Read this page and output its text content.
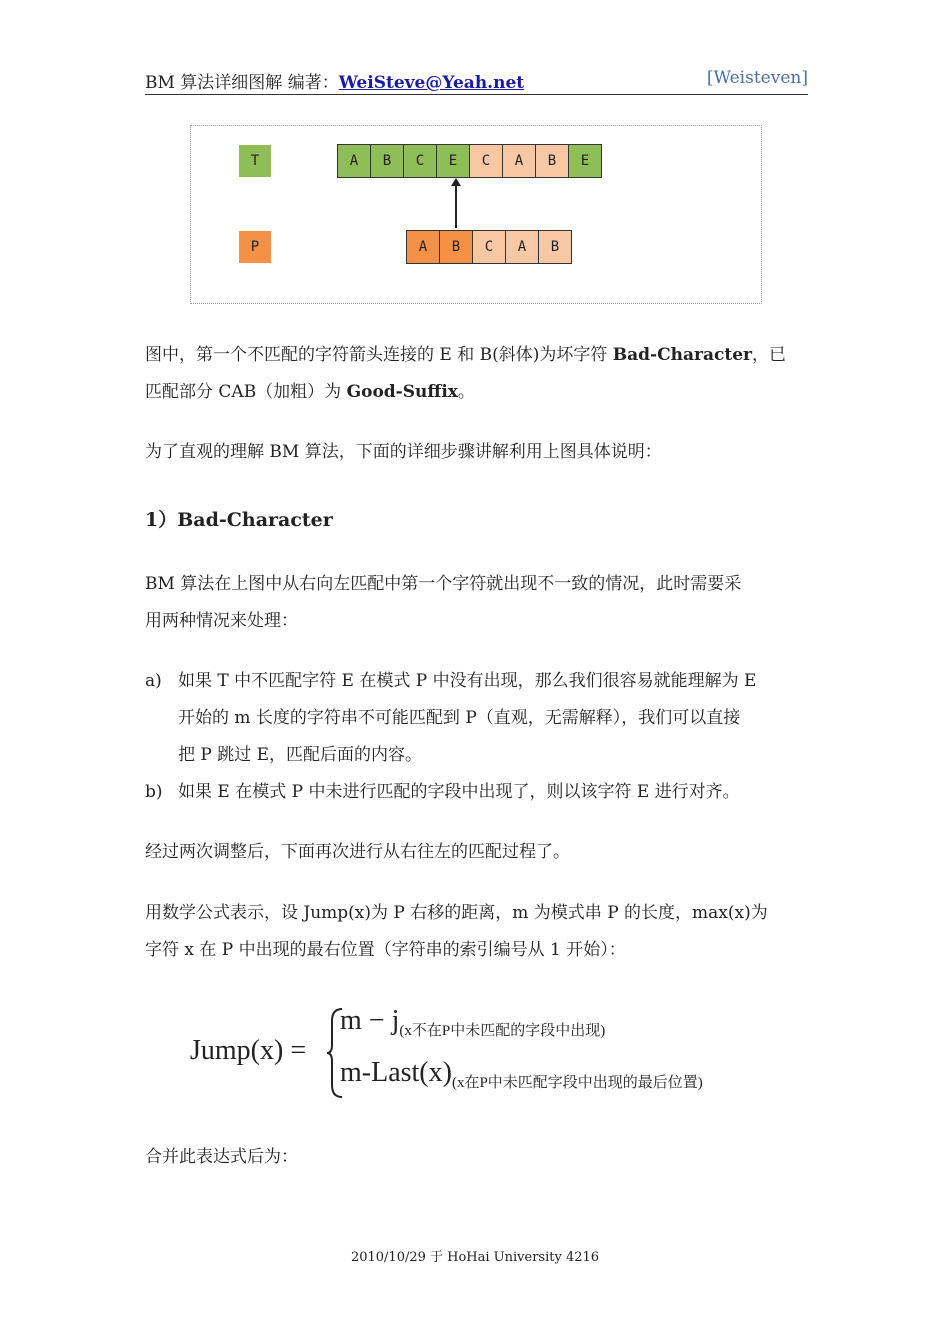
BM 算法详细图解 编著：WeiSteve@Yeah.net	[Weisteven]
T	A	B	C	E	C	A	B	E
P	A	B	C	A	B
图中，第一个不匹配的字符箭头连接的 E 和 B(斜体)为坏字符 Bad-Character，已
匹配部分 CAB（加粗）为 Good-Suffix。
为了直观的理解 BM 算法，下面的详细步骤讲解利用上图具体说明：
1）Bad-Character
BM 算法在上图中从右向左匹配中第一个字符就出现不一致的情况，此时需要采
用两种情况来处理：
a) 如果 T 中不匹配字符 E 在模式 P 中没有出现，那么我们很容易就能理解为 E
开始的 m 长度的字符串不可能匹配到 P（直观，无需解释），我们可以直接
把 P 跳过 E，匹配后面的内容。
b) 如果 E 在模式 P 中未进行匹配的字段中出现了，则以该字符 E 进行对齐。
经过两次调整后，下面再次进行从右往左的匹配过程了。
用数学公式表示，设 Jump(x)为 P 右移的距离，m 为模式串 P 的长度，max(x)为
字符 x 在 P 中出现的最右位置（字符串的索引编号从 1 开始）：
Jump(x) =
m − j(x不在P中未匹配的字段中出现)
m-Last(x)(x在P中未匹配字段中出现的最后位置)
合并此表达式后为：
2010/10/29 于 HoHai University 4216
